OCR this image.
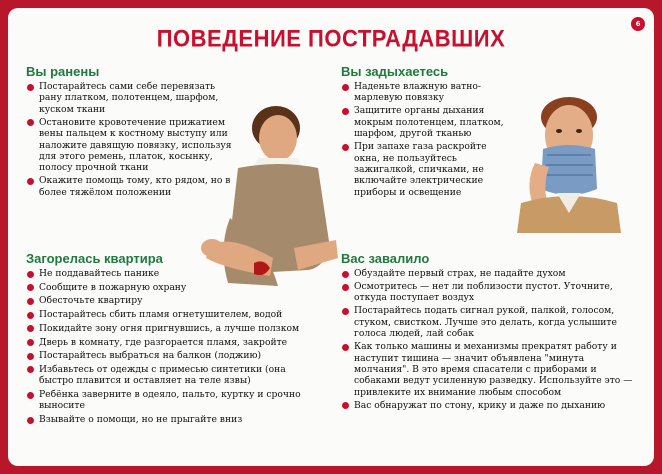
6
ПОВЕДЕНИЕ ПОСТРАДАВШИХ
Вы ранены
Постарайтесь сами себе перевязать рану платком, полотенцем, шарфом, куском ткани
Остановите кровотечение прижатием вены пальцем к костному выступу или наложите давящую повязку, используя для этого ремень, платок, косынку, полосу прочной ткани
Окажите помощь тому, кто рядом, но в более тяжёлом положении
Вы задыхаетесь
Наденьте влажную ватно-марлевую повязку
Защитите органы дыхания мокрым полотенцем, платком, шарфом, другой тканью
При запахе газа раскройте окна, не пользуйтесь зажигалкой, спичками, не включайте электрические приборы и освещение
Загорелась квартира
Не поддавайтесь панике
Сообщите в пожарную охрану
Обесточьте квартиру
Постарайтесь сбить пламя огнетушителем, водой
Покидайте зону огня пригнувшись, а лучше ползком
Дверь в комнату, где разгорается пламя, закройте
Постарайтесь выбраться на балкон (лоджию)
Избавьтесь от одежды с примесью синтетики (она быстро плавится и оставляет на теле язвы)
Ребёнка заверните в одеяло, пальто, куртку и срочно выносите
Взывайте о помощи, но не прыгайте вниз
Вас завалило
Обуздайте первый страх, не падайте духом
Осмотритесь — нет ли поблизости пустот. Уточните, откуда поступает воздух
Постарайтесь подать сигнал рукой, палкой, голосом, стуком, свистком. Лучше это делать, когда услышите голоса людей, лай собак
Как только машины и механизмы прекратят работу и наступит тишина — значит объявлена "минута молчания". В это время спасатели с приборами и собаками ведут усиленную разведку. Используйте это — привлеките их внимание любым способом
Вас обнаружат по стону, крику и даже по дыханию
